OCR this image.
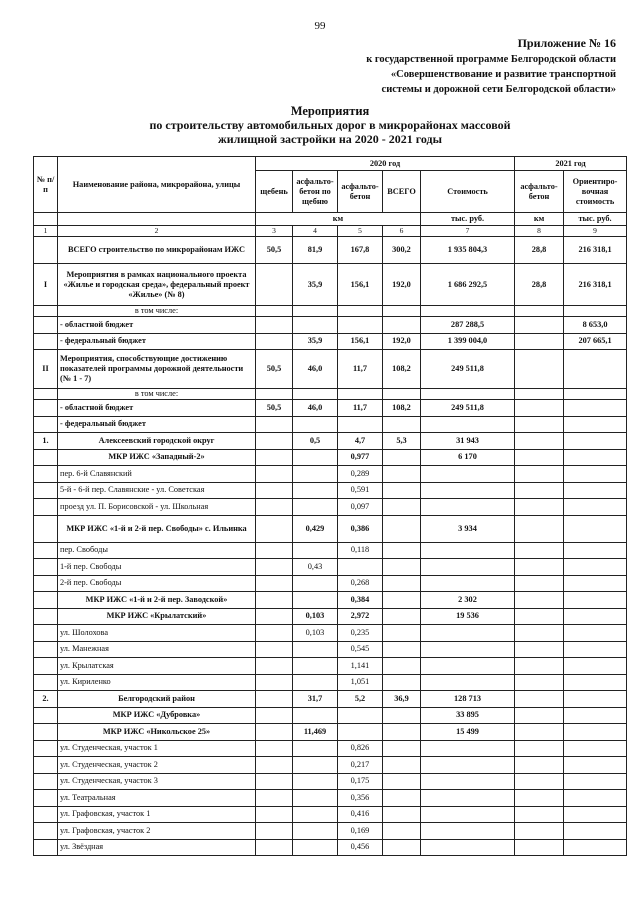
99
Приложение № 16
к государственной программе Белгородской области
«Совершенствование и развитие транспортной
системы и дорожной сети Белгородской области»
Мероприятия
по строительству автомобильных дорог в микрорайонах массовой
жилищной застройки на 2020 - 2021 годы
№ п/п	Наименование района, микрорайона, улицы	2020 год					2021 год	
		щебень	асфальто-бетон по щебню	асфальто-бетон	ВСЕГО	Стоимость	асфальто-бетон	Ориентиро-вочная стоимость
		км				тыс. руб.	км	тыс. руб.
1	2	3	4	5	6	7	8	9
	ВСЕГО строительство по микрорайонам ИЖС	50,5	81,9	167,8	300,2	1 935 804,3	28,8	216 318,1
I	Мероприятия в рамках национального проекта «Жилье и городская среда», федеральный проект «Жилье» (№ 8)		35,9	156,1	192,0	1 686 292,5	28,8	216 318,1
	в том числе:							
	- областной бюджет					287 288,5		8 653,0
	- федеральный бюджет		35,9	156,1	192,0	1 399 004,0		207 665,1
II	Мероприятия, способствующие достижению показателей программы дорожной деятельности (№ 1 - 7)	50,5	46,0	11,7	108,2	249 511,8		
	в том числе:							
	- областной бюджет	50,5	46,0	11,7	108,2	249 511,8		
	- федеральный бюджет							
1.	Алексеевский городской округ		0,5	4,7	5,3	31 943		
	МКР ИЖС «Западный-2»			0,977		6 170		
	пер. 6-й Славянский			0,289				
	5-й - 6-й пер. Славянские - ул. Советская			0,591				
	проезд ул. П. Борисовской - ул. Школьная			0,097				
	МКР ИЖС «1-й и 2-й пер. Свободы» с. Ильинка		0,429	0,386		3 934		
	пер. Свободы			0,118				
	1-й пер. Свободы		0,43					
	2-й пер. Свободы			0,268				
	МКР ИЖС «1-й и 2-й пер. Заводской»			0,384		2 302		
	МКР ИЖС «Крылатский»		0,103	2,972		19 536		
	ул. Шолохова		0,103	0,235				
	ул. Манежная			0,545				
	ул. Крылатская			1,141				
	ул. Кириленко			1,051				
2.	Белгородский район		31,7	5,2	36,9	128 713		
	МКР ИЖС «Дубровка»					33 895		
	МКР ИЖС «Никольское 25»		11,469			15 499		
	ул. Студенческая, участок 1			0,826				
	ул. Студенческая, участок 2			0,217				
	ул. Студенческая, участок 3			0,175				
	ул. Театральная			0,356				
	ул. Графовская, участок 1			0,416				
	ул. Графовская, участок 2			0,169				
	ул. Звёздная			0,456				
